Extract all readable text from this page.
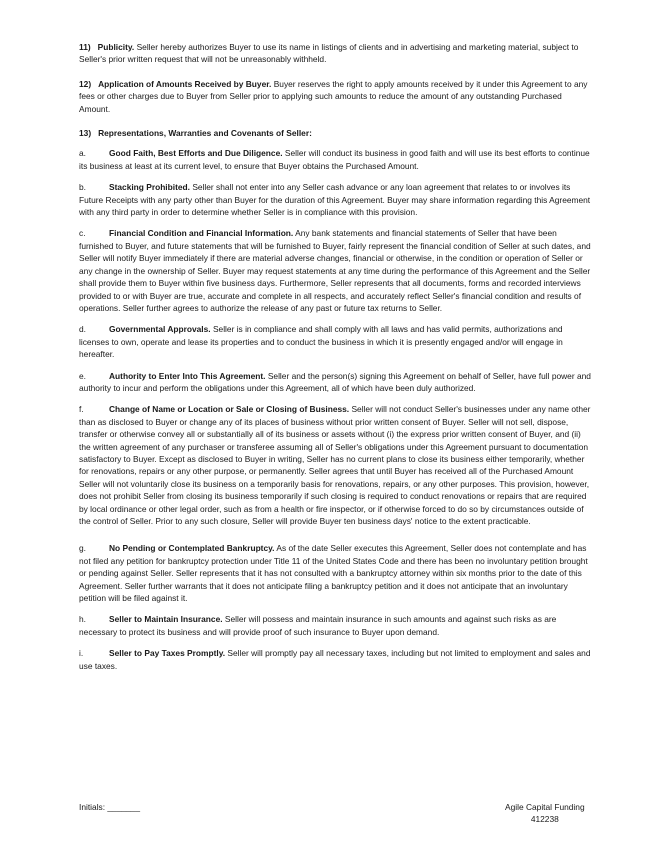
11) Publicity. Seller hereby authorizes Buyer to use its name in listings of clients and in advertising and marketing material, subject to Seller's prior written request that will not be unreasonably withheld.

12) Application of Amounts Received by Buyer. Buyer reserves the right to apply amounts received by it under this Agreement to any fees or other charges due to Buyer from Seller prior to applying such amounts to reduce the amount of any outstanding Purchased Amount.

13) Representations, Warranties and Covenants of Seller:

a.	Good Faith, Best Efforts and Due Diligence. Seller will conduct its business in good faith and will use its best efforts to continue its business at least at its current level, to ensure that Buyer obtains the Purchased Amount.

b.	Stacking Prohibited. Seller shall not enter into any Seller cash advance or any loan agreement that relates to or involves its Future Receipts with any party other than Buyer for the duration of this Agreement. Buyer may share information regarding this Agreement with any third party in order to determine whether Seller is in compliance with this provision.

c.	Financial Condition and Financial Information. Any bank statements and financial statements of Seller that have been furnished to Buyer, and future statements that will be furnished to Buyer, fairly represent the financial condition of Seller at such dates, and Seller will notify Buyer immediately if there are material adverse changes, financial or otherwise, in the condition or operation of Seller or any change in the ownership of Seller. Buyer may request statements at any time during the performance of this Agreement and the Seller shall provide them to Buyer within five business days. Furthermore, Seller represents that all documents, forms and recorded interviews provided to or with Buyer are true, accurate and complete in all respects, and accurately reflect Seller's financial condition and results of operations. Seller further agrees to authorize the release of any past or future tax returns to Seller.

d.	Governmental Approvals. Seller is in compliance and shall comply with all laws and has valid permits, authorizations and licenses to own, operate and lease its properties and to conduct the business in which it is presently engaged and/or will engage in hereafter.

e.	Authority to Enter Into This Agreement. Seller and the person(s) signing this Agreement on behalf of Seller, have full power and authority to incur and perform the obligations under this Agreement, all of which have been duly authorized.

f.	Change of Name or Location or Sale or Closing of Business. Seller will not conduct Seller's businesses under any name other than as disclosed to Buyer or change any of its places of business without prior written consent of Buyer. Seller will not sell, dispose, transfer or otherwise convey all or substantially all of its business or assets without (i) the express prior written consent of Buyer, and (ii) the written agreement of any purchaser or transferee assuming all of Seller's obligations under this Agreement pursuant to documentation satisfactory to Buyer. Except as disclosed to Buyer in writing, Seller has no current plans to close its business either temporarily, whether for renovations, repairs or any other purpose, or permanently. Seller agrees that until Buyer has received all of the Purchased Amount Seller will not voluntarily close its business on a temporarily basis for renovations, repairs, or any other purposes. This provision, however, does not prohibit Seller from closing its business temporarily if such closing is required to conduct renovations or repairs that are required by local ordinance or other legal order, such as from a health or fire inspector, or if otherwise forced to do so by circumstances outside of the control of Seller. Prior to any such closure, Seller will provide Buyer ten business days' notice to the extent practicable.

g.	No Pending or Contemplated Bankruptcy. As of the date Seller executes this Agreement, Seller does not contemplate and has not filed any petition for bankruptcy protection under Title 11 of the United States Code and there has been no involuntary petition brought or pending against Seller. Seller represents that it has not consulted with a bankruptcy attorney within six months prior to the date of this Agreement. Seller further warrants that it does not anticipate filing a bankruptcy petition and it does not anticipate that an involuntary petition will be filed against it.

h.	Seller to Maintain Insurance. Seller will possess and maintain insurance in such amounts and against such risks as are necessary to protect its business and will provide proof of such insurance to Buyer upon demand.

i.	Seller to Pay Taxes Promptly. Seller will promptly pay all necessary taxes, including but not limited to employment and sales and use taxes.

Initials: _______	Agile Capital Funding
412238
